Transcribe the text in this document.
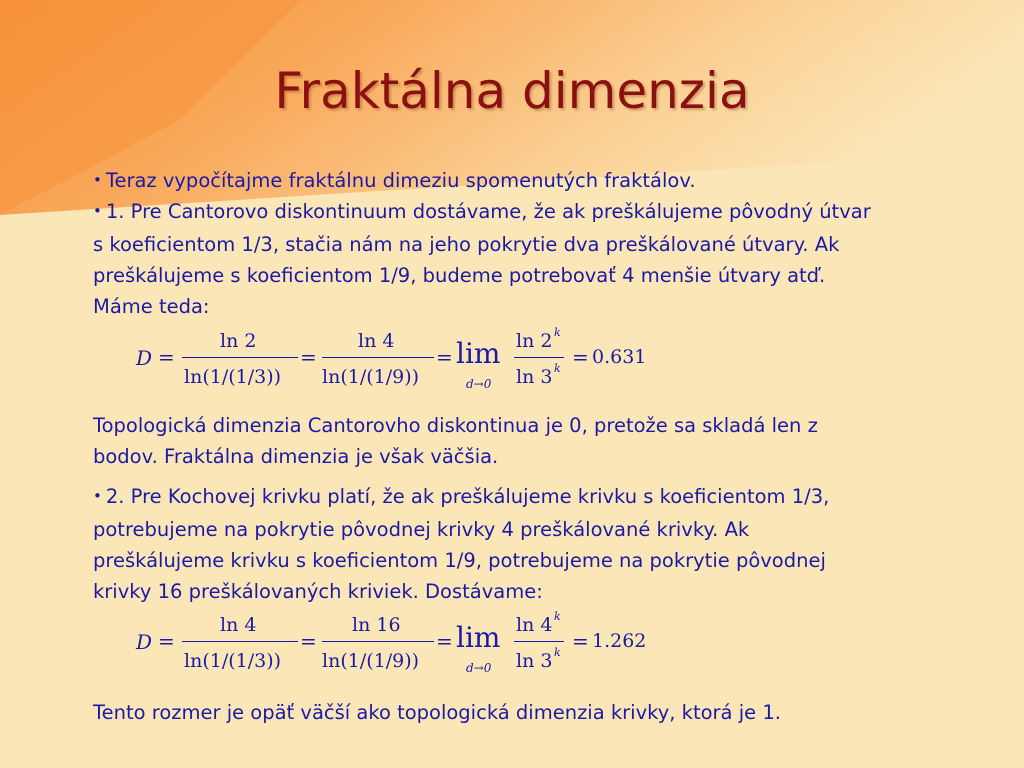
Fraktálna dimenzia
• Teraz vypočítajme fraktálnu dimeziu spomenutých fraktálov.
• 1. Pre Cantorovo diskontinuum dostávame, že ak preškálujeme pôvodný útvar
s koeficientom 1/3, stačia nám na jeho pokrytie dva preškálované útvary. Ak
preškálujeme s koeficientom 1/9, budeme potrebovať 4 menšie útvary atď.
Máme teda:
D =
ln 2
ln(1/(1/3))
=
ln 4
ln(1/(1/9))
= lim
d→0
ln 2 k
ln 3 k = 0.631
Topologická dimenzia Cantorovho diskontinua je 0, pretože sa skladá len z
bodov. Fraktálna dimenzia je však väčšia.
• 2. Pre Kochovej krivku platí, že ak preškálujeme krivku s koeficientom 1/3,
potrebujeme na pokrytie pôvodnej krivky 4 preškálované krivky. Ak
preškálujeme krivku s koeficientom 1/9, potrebujeme na pokrytie pôvodnej
krivky 16 preškálovaných kriviek. Dostávame:
D =
ln 4
ln(1/(1/3))
=
ln 16
ln(1/(1/9))
= lim
d→0
ln 4 k
ln 3 k = 1.262
Tento rozmer je opäť väčší ako topologická dimenzia krivky, ktorá je 1.
